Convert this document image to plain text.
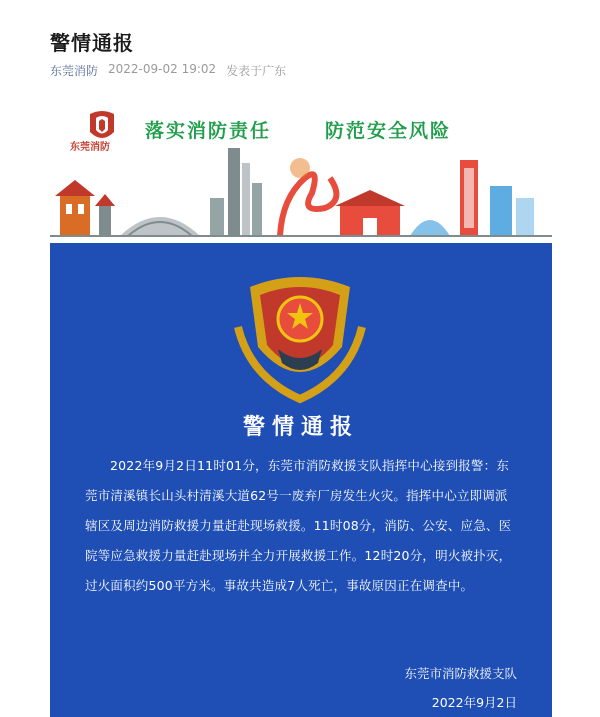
警情通报
东莞消防 2022-09-02 19:02 发表于广东
东莞消防
落实消防责任	防范安全风险
警情通报

2022年9月2日11时01分，东莞市消防救援支队指挥中心接到报警：东莞市清溪镇长山头村清溪大道62号一废弃厂房发生火灾。指挥中心立即调派辖区及周边消防救援力量赶赴现场救援。11时08分，消防、公安、应急、医院等应急救援力量赶赴现场并全力开展救援工作。12时20分，明火被扑灭，过火面积约500平方米。事故共造成7人死亡，事故原因正在调查中。

东莞市消防救援支队
2022年9月2日
